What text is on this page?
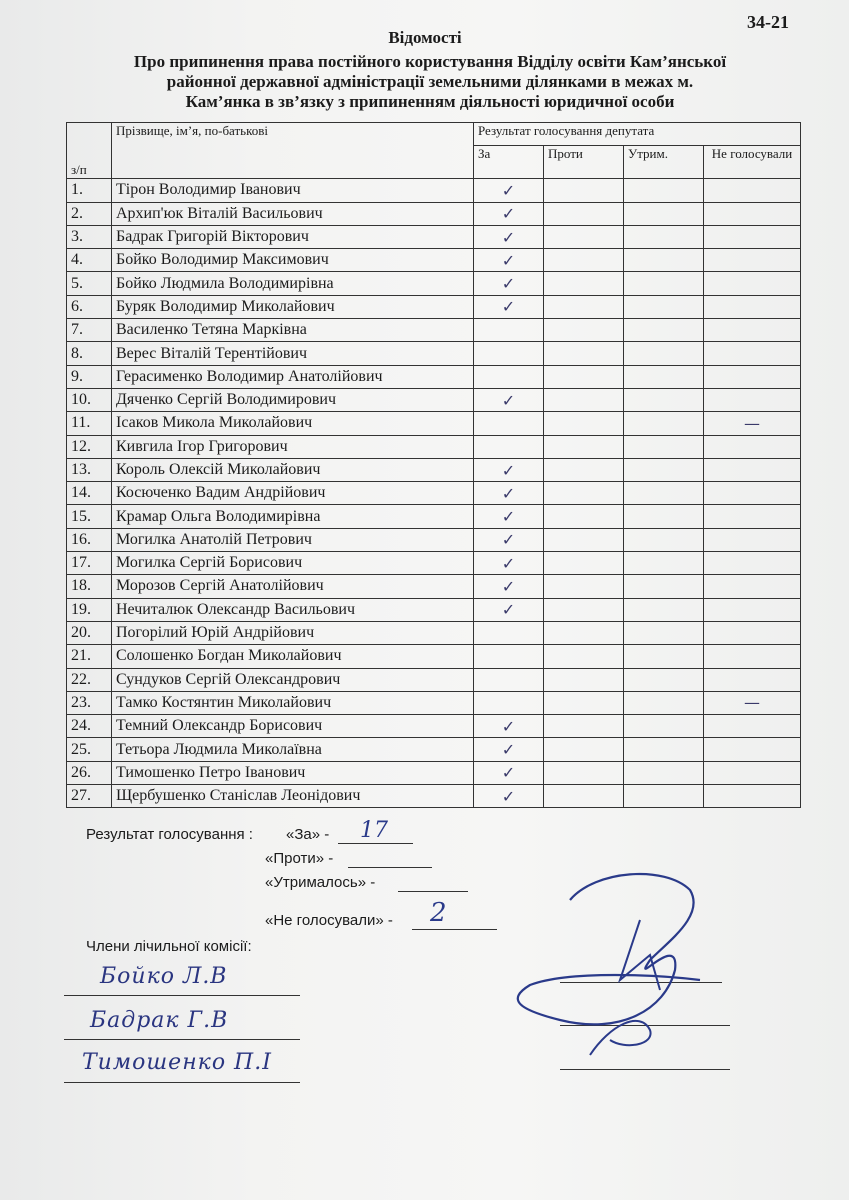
Відомості
34-21
Про припинення права постійного користування Відділу освіти Кам’янської
районної державної адміністрації земельними ділянками в межах м.
Кам’янка в зв’язку з припиненням діяльності юридичної особи
з/п	Прізвище, ім’я, по-батькові	Результат голосування депутата			
		За	Проти	Утрим.	Не голосували
1.	Тірон Володимир Іванович	✓			
2.	Архип'юк Віталій Васильович	✓			
3.	Бадрак Григорій Вікторович	✓			
4.	Бойко Володимир Максимович	✓			
5.	Бойко Людмила Володимирівна	✓			
6.	Буряк Володимир Миколайович	✓			
7.	Василенко Тетяна Марківна				
8.	Верес Віталій Терентійович				
9.	Герасименко Володимир Анатолійович				
10.	Дяченко Сергій Володимирович	✓			
11.	Ісаков Микола Миколайович				—
12.	Кивгила Ігор Григорович				
13.	Король Олексій Миколайович	✓			
14.	Косюченко Вадим Андрійович	✓			
15.	Крамар Ольга Володимирівна	✓			
16.	Могилка Анатолій Петрович	✓			
17.	Могилка Сергій Борисович	✓			
18.	Морозов Сергій Анатолійович	✓			
19.	Нечиталюк Олександр Васильович	✓			
20.	Погорілий Юрій Андрійович				
21.	Солошенко Богдан Миколайович				
22.	Сундуков Сергій Олександрович				
23.	Тамко Костянтин Миколайович				—
24.	Темний Олександр Борисович	✓			
25.	Тетьора Людмила Миколаївна	✓			
26.	Тимошенко Петро Іванович	✓			
27.	Щербушенко Станіслав Леонідович	✓			
Результат голосування : «За» - 17
«Проти» -
«Утрималось» -
«Не голосували» - 2
Члени лічильної комісії:
Бойко Л.В
Бадрак Г.В
Тимошенко П.І
